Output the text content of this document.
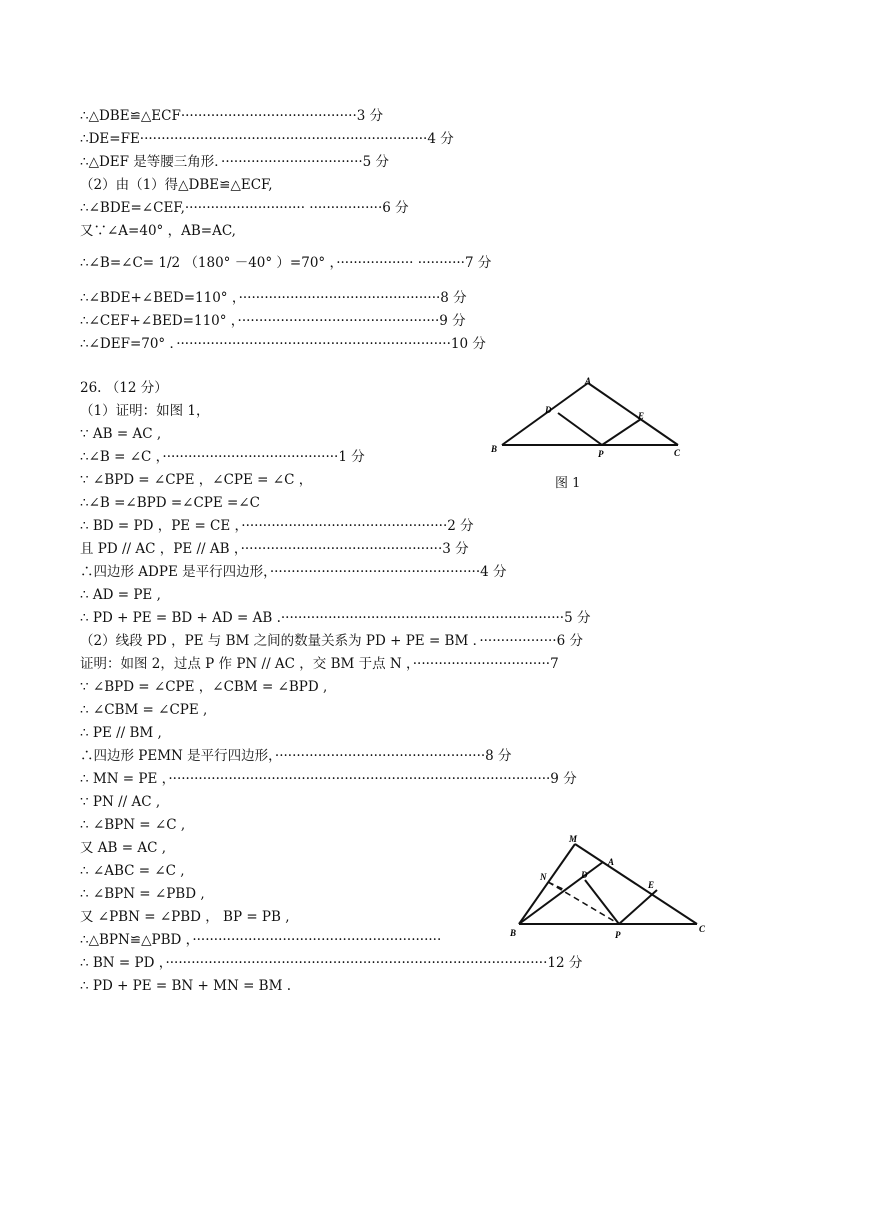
∴△DBE≌△ECF·········································3 分
∴DE=FE···································································4 分
∴△DEF 是等腰三角形．·································5 分
（2）由（1）得△DBE≌△ECF,
∴∠BDE=∠CEF,···························· ·················6 分
又∵∠A=40° ，AB=AC,
∴∠B=∠C= 1/2 （180° －40° ）=70° ，·················· ···········7 分
∴∠BDE+∠BED=110° ，···············································8 分
∴∠CEF+∠BED=110° ，···············································9 分
∴∠DEF=70° ．································································10 分
26. （12 分）
（1）证明：如图 1，
∵ AB = AC ,
∴∠B = ∠C ，·········································1 分
∵ ∠BPD = ∠CPE ，∠CPE = ∠C ，
∴∠B =∠BPD =∠CPE =∠C
∴ BD = PD ，PE = CE ，················································2 分
且 PD // AC ，PE // AB ，···············································3 分
∴四边形 ADPE 是平行四边形，·················································4 分
∴ AD = PE ,
∴ PD + PE = BD + AD = AB .··································································5 分
（2）线段 PD ，PE 与 BM 之间的数量关系为 PD + PE = BM ．··················6 分
证明：如图 2，过点 P 作 PN // AC ，交 BM 于点 N ，································7
∵ ∠BPD = ∠CPE ，∠CBM = ∠BPD ,
∴ ∠CBM = ∠CPE ,
∴ PE // BM ,
∴四边形 PEMN 是平行四边形，·················································8 分
∴ MN = PE ，·························································································9 分
∵ PN // AC ,
∴ ∠BPN = ∠C ,
又 AB = AC ,
∴ ∠ABC = ∠C ,
∴ ∠BPN = ∠PBD ,
又 ∠PBN = ∠PBD ， BP = PB ,
∴△BPN≌△PBD ，··························································
∴ BN = PD ，·························································································12 分
∴ PD + PE = BN + MN = BM .
A
B	C
D
E
P
图 1
M
A
N	D
E
B	P
C
